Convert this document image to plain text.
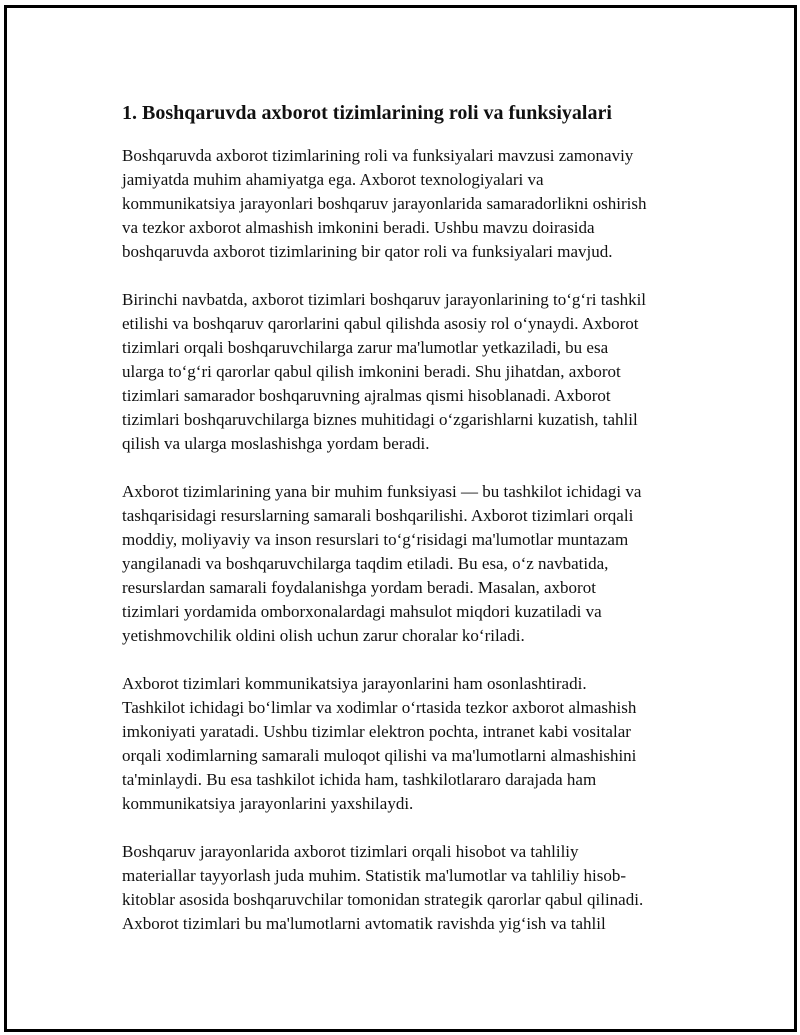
1. Boshqaruvda axborot tizimlarining roli va funksiyalari

Boshqaruvda axborot tizimlarining roli va funksiyalari mavzusi zamonaviy
jamiyatda muhim ahamiyatga ega. Axborot texnologiyalari va
kommunikatsiya jarayonlari boshqaruv jarayonlarida samaradorlikni oshirish
va tezkor axborot almashish imkonini beradi. Ushbu mavzu doirasida
boshqaruvda axborot tizimlarining bir qator roli va funksiyalari mavjud.

Birinchi navbatda, axborot tizimlari boshqaruv jarayonlarining to‘g‘ri tashkil
etilishi va boshqaruv qarorlarini qabul qilishda asosiy rol o‘ynaydi. Axborot
tizimlari orqali boshqaruvchilarga zarur ma'lumotlar yetkaziladi, bu esa
ularga to‘g‘ri qarorlar qabul qilish imkonini beradi. Shu jihatdan, axborot
tizimlari samarador boshqaruvning ajralmas qismi hisoblanadi. Axborot
tizimlari boshqaruvchilarga biznes muhitidagi o‘zgarishlarni kuzatish, tahlil
qilish va ularga moslashishga yordam beradi.

Axborot tizimlarining yana bir muhim funksiyasi — bu tashkilot ichidagi va
tashqarisidagi resurslarning samarali boshqarilishi. Axborot tizimlari orqali
moddiy, moliyaviy va inson resurslari to‘g‘risidagi ma'lumotlar muntazam
yangilanadi va boshqaruvchilarga taqdim etiladi. Bu esa, o‘z navbatida,
resurslardan samarali foydalanishga yordam beradi. Masalan, axborot
tizimlari yordamida omborxonalardagi mahsulot miqdori kuzatiladi va
yetishmovchilik oldini olish uchun zarur choralar ko‘riladi.

Axborot tizimlari kommunikatsiya jarayonlarini ham osonlashtiradi.
Tashkilot ichidagi bo‘limlar va xodimlar o‘rtasida tezkor axborot almashish
imkoniyati yaratadi. Ushbu tizimlar elektron pochta, intranet kabi vositalar
orqali xodimlarning samarali muloqot qilishi va ma'lumotlarni almashishini
ta'minlaydi. Bu esa tashkilot ichida ham, tashkilotlararo darajada ham
kommunikatsiya jarayonlarini yaxshilaydi.

Boshqaruv jarayonlarida axborot tizimlari orqali hisobot va tahliliy
materiallar tayyorlash juda muhim. Statistik ma'lumotlar va tahliliy hisob-
kitoblar asosida boshqaruvchilar tomonidan strategik qarorlar qabul qilinadi.
Axborot tizimlari bu ma'lumotlarni avtomatik ravishda yig‘ish va tahlil
